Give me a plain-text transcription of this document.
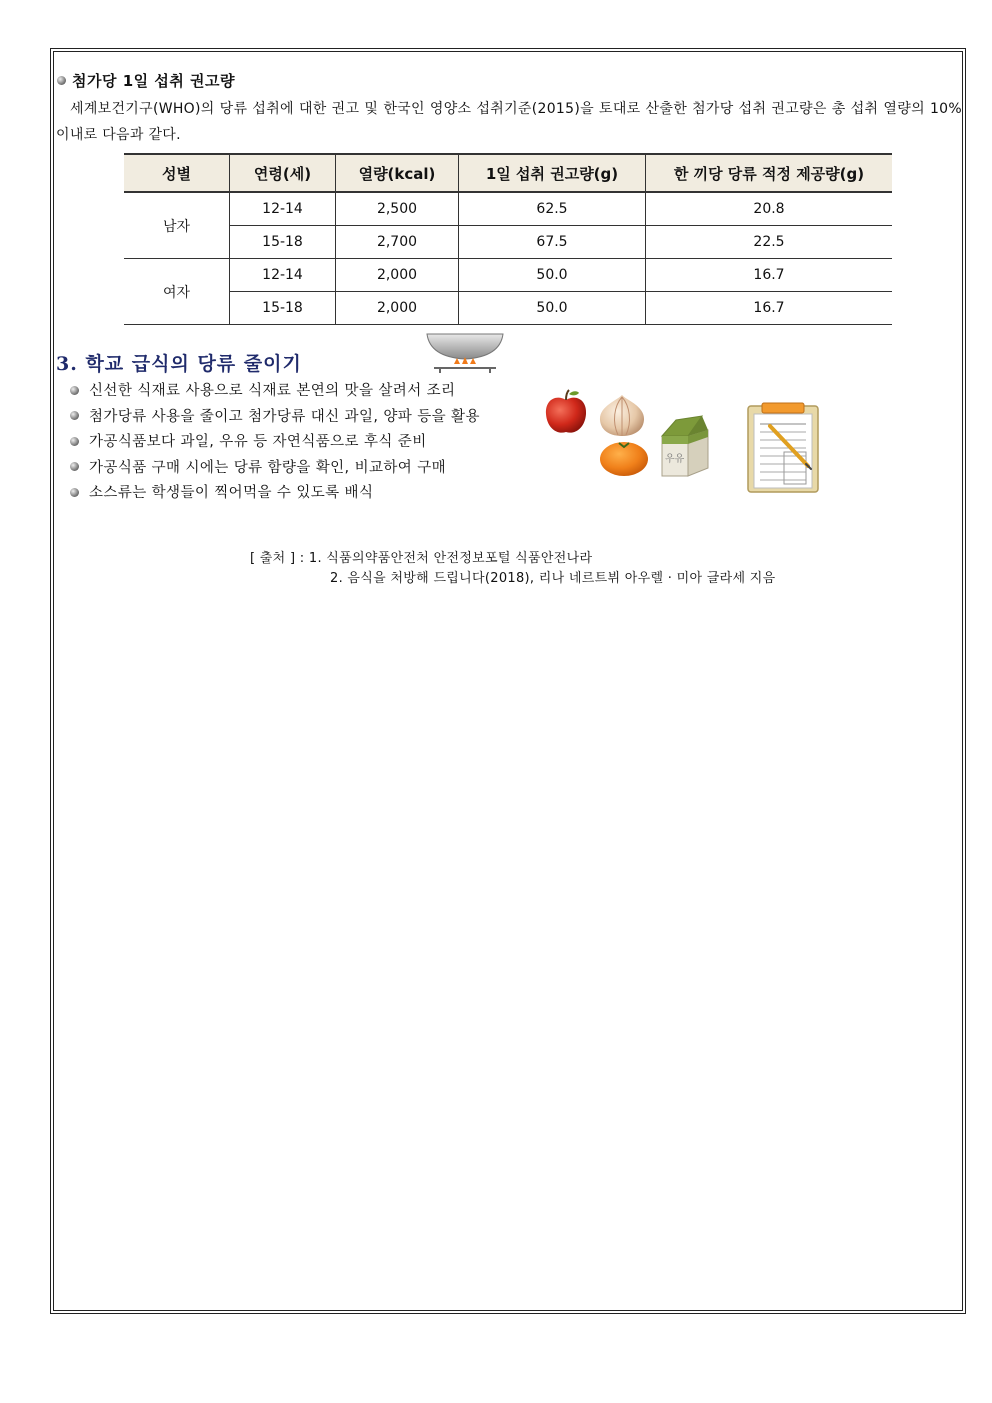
첨가당 1일 섭취 권고량
세계보건기구(WHO)의 당류 섭취에 대한 권고 및 한국인 영양소 섭취기준(2015)을 토대로 산출한 첨가당 섭취 권고량은 총 섭취 열량의 10% 이내로 다음과 같다.
성별	연령(세)	열량(kcal)	1일 섭취 권고량(g)	한 끼당 당류 적정 제공량(g)
남자	12-14	2,500	62.5	20.8
	15-18	2,700	67.5	22.5
여자	12-14	2,000	50.0	16.7
	15-18	2,000	50.0	16.7
3. 학교 급식의 당류 줄이기
신선한 식재료 사용으로 식재료 본연의 맛을 살려서 조리
첨가당류 사용을 줄이고 첨가당류 대신 과일, 양파 등을 활용
가공식품보다 과일, 우유 등 자연식품으로 후식 준비
가공식품 구매 시에는 당류 함량을 확인, 비교하여 구매
소스류는 학생들이 찍어먹을 수 있도록 배식
우유
[ 출처 ] : 1. 식품의약품안전처 안전정보포털 식품안전나라
2. 음식을 처방해 드립니다(2018), 리나 네르트뷔 아우렐 · 미아 글라세 지음
